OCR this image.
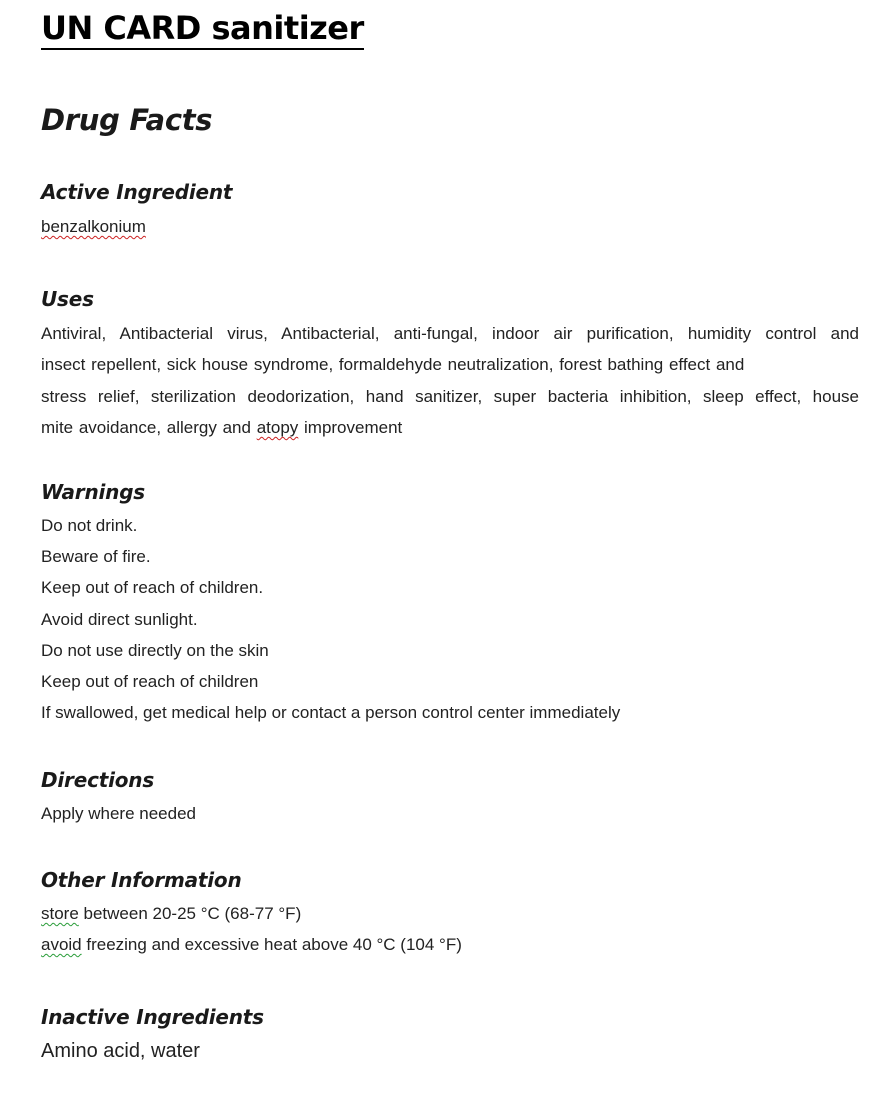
UN CARD sanitizer
Drug Facts
Active Ingredient

benzalkonium

Uses
Antiviral, Antibacterial virus, Antibacterial, anti-fungal, indoor air purification, humidity control and
insect repellent, sick house syndrome, formaldehyde neutralization, forest bathing effect and
stress relief, sterilization deodorization, hand sanitizer, super bacteria inhibition, sleep effect, house
mite avoidance, allergy and atopy improvement
Warnings

Do not drink.

Beware of fire.

Keep out of reach of children.

Avoid direct sunlight.

Do not use directly on the skin

Keep out of reach of children

If swallowed, get medical help or contact a person control center immediately

Directions

Apply where needed

Other Information

store between 20-25 °C (68-77 °F)

avoid freezing and excessive heat above 40 °C (104 °F)

Inactive Ingredients

Amino acid, water
